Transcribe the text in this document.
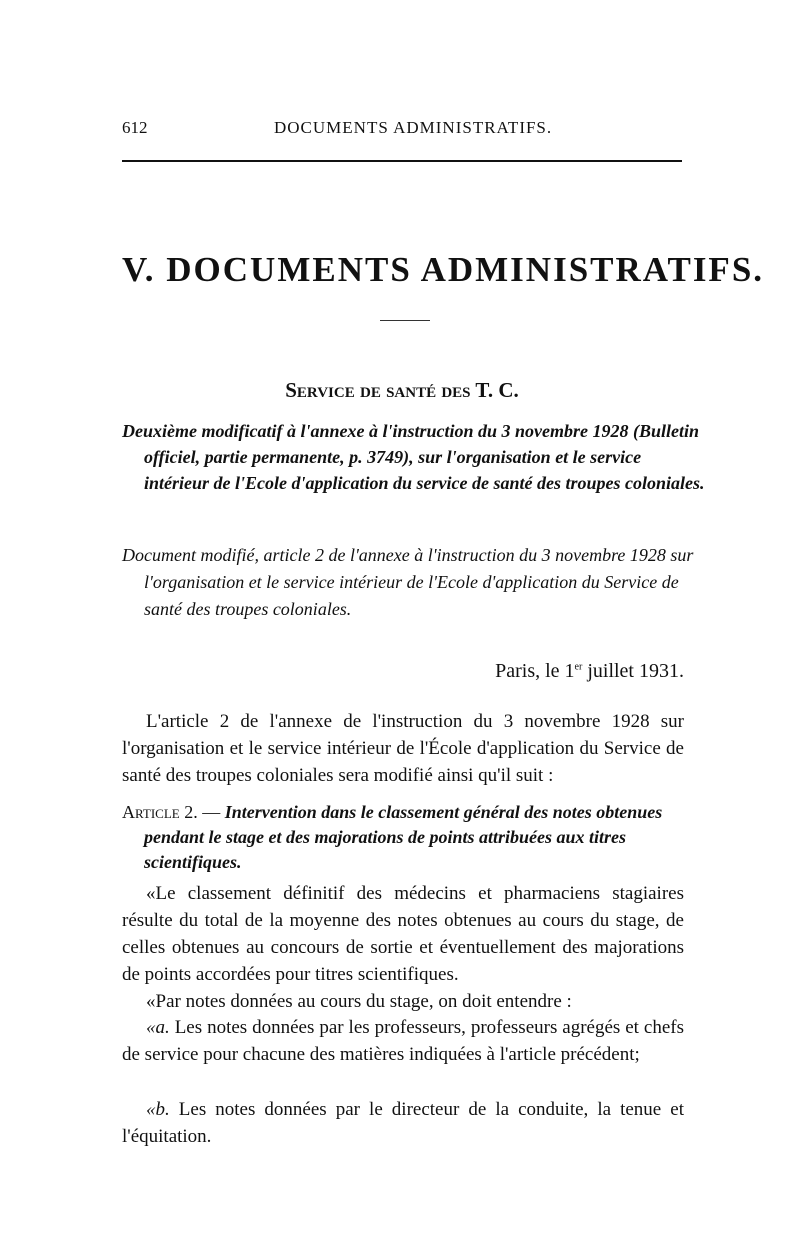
612	DOCUMENTS ADMINISTRATIFS.
V. DOCUMENTS ADMINISTRATIFS.
Service de santé des T. C.
Deuxième modificatif à l'annexe à l'instruction du 3 novembre 1928 (Bulletin officiel, partie permanente, p. 3749), sur l'organisation et le service intérieur de l'Ecole d'application du service de santé des troupes coloniales.
Document modifié, article 2 de l'annexe à l'instruction du 3 novembre 1928 sur l'organisation et le service intérieur de l'Ecole d'application du Service de santé des troupes coloniales.
Paris, le 1er juillet 1931.
L'article 2 de l'annexe de l'instruction du 3 novembre 1928 sur l'organisation et le service intérieur de l'École d'application du Service de santé des troupes coloniales sera modifié ainsi qu'il suit :
Article 2. — Intervention dans le classement général des notes obtenues pendant le stage et des majorations de points attribuées aux titres scientifiques.
«Le classement définitif des médecins et pharmaciens stagiaires résulte du total de la moyenne des notes obtenues au cours du stage, de celles obtenues au concours de sortie et éventuellement des majorations de points accordées pour titres scientifiques.
«Par notes données au cours du stage, on doit entendre :
«a. Les notes données par les professeurs, professeurs agrégés et chefs de service pour chacune des matières indiquées à l'article précédent;
«b. Les notes données par le directeur de la conduite, la tenue et l'équitation.
